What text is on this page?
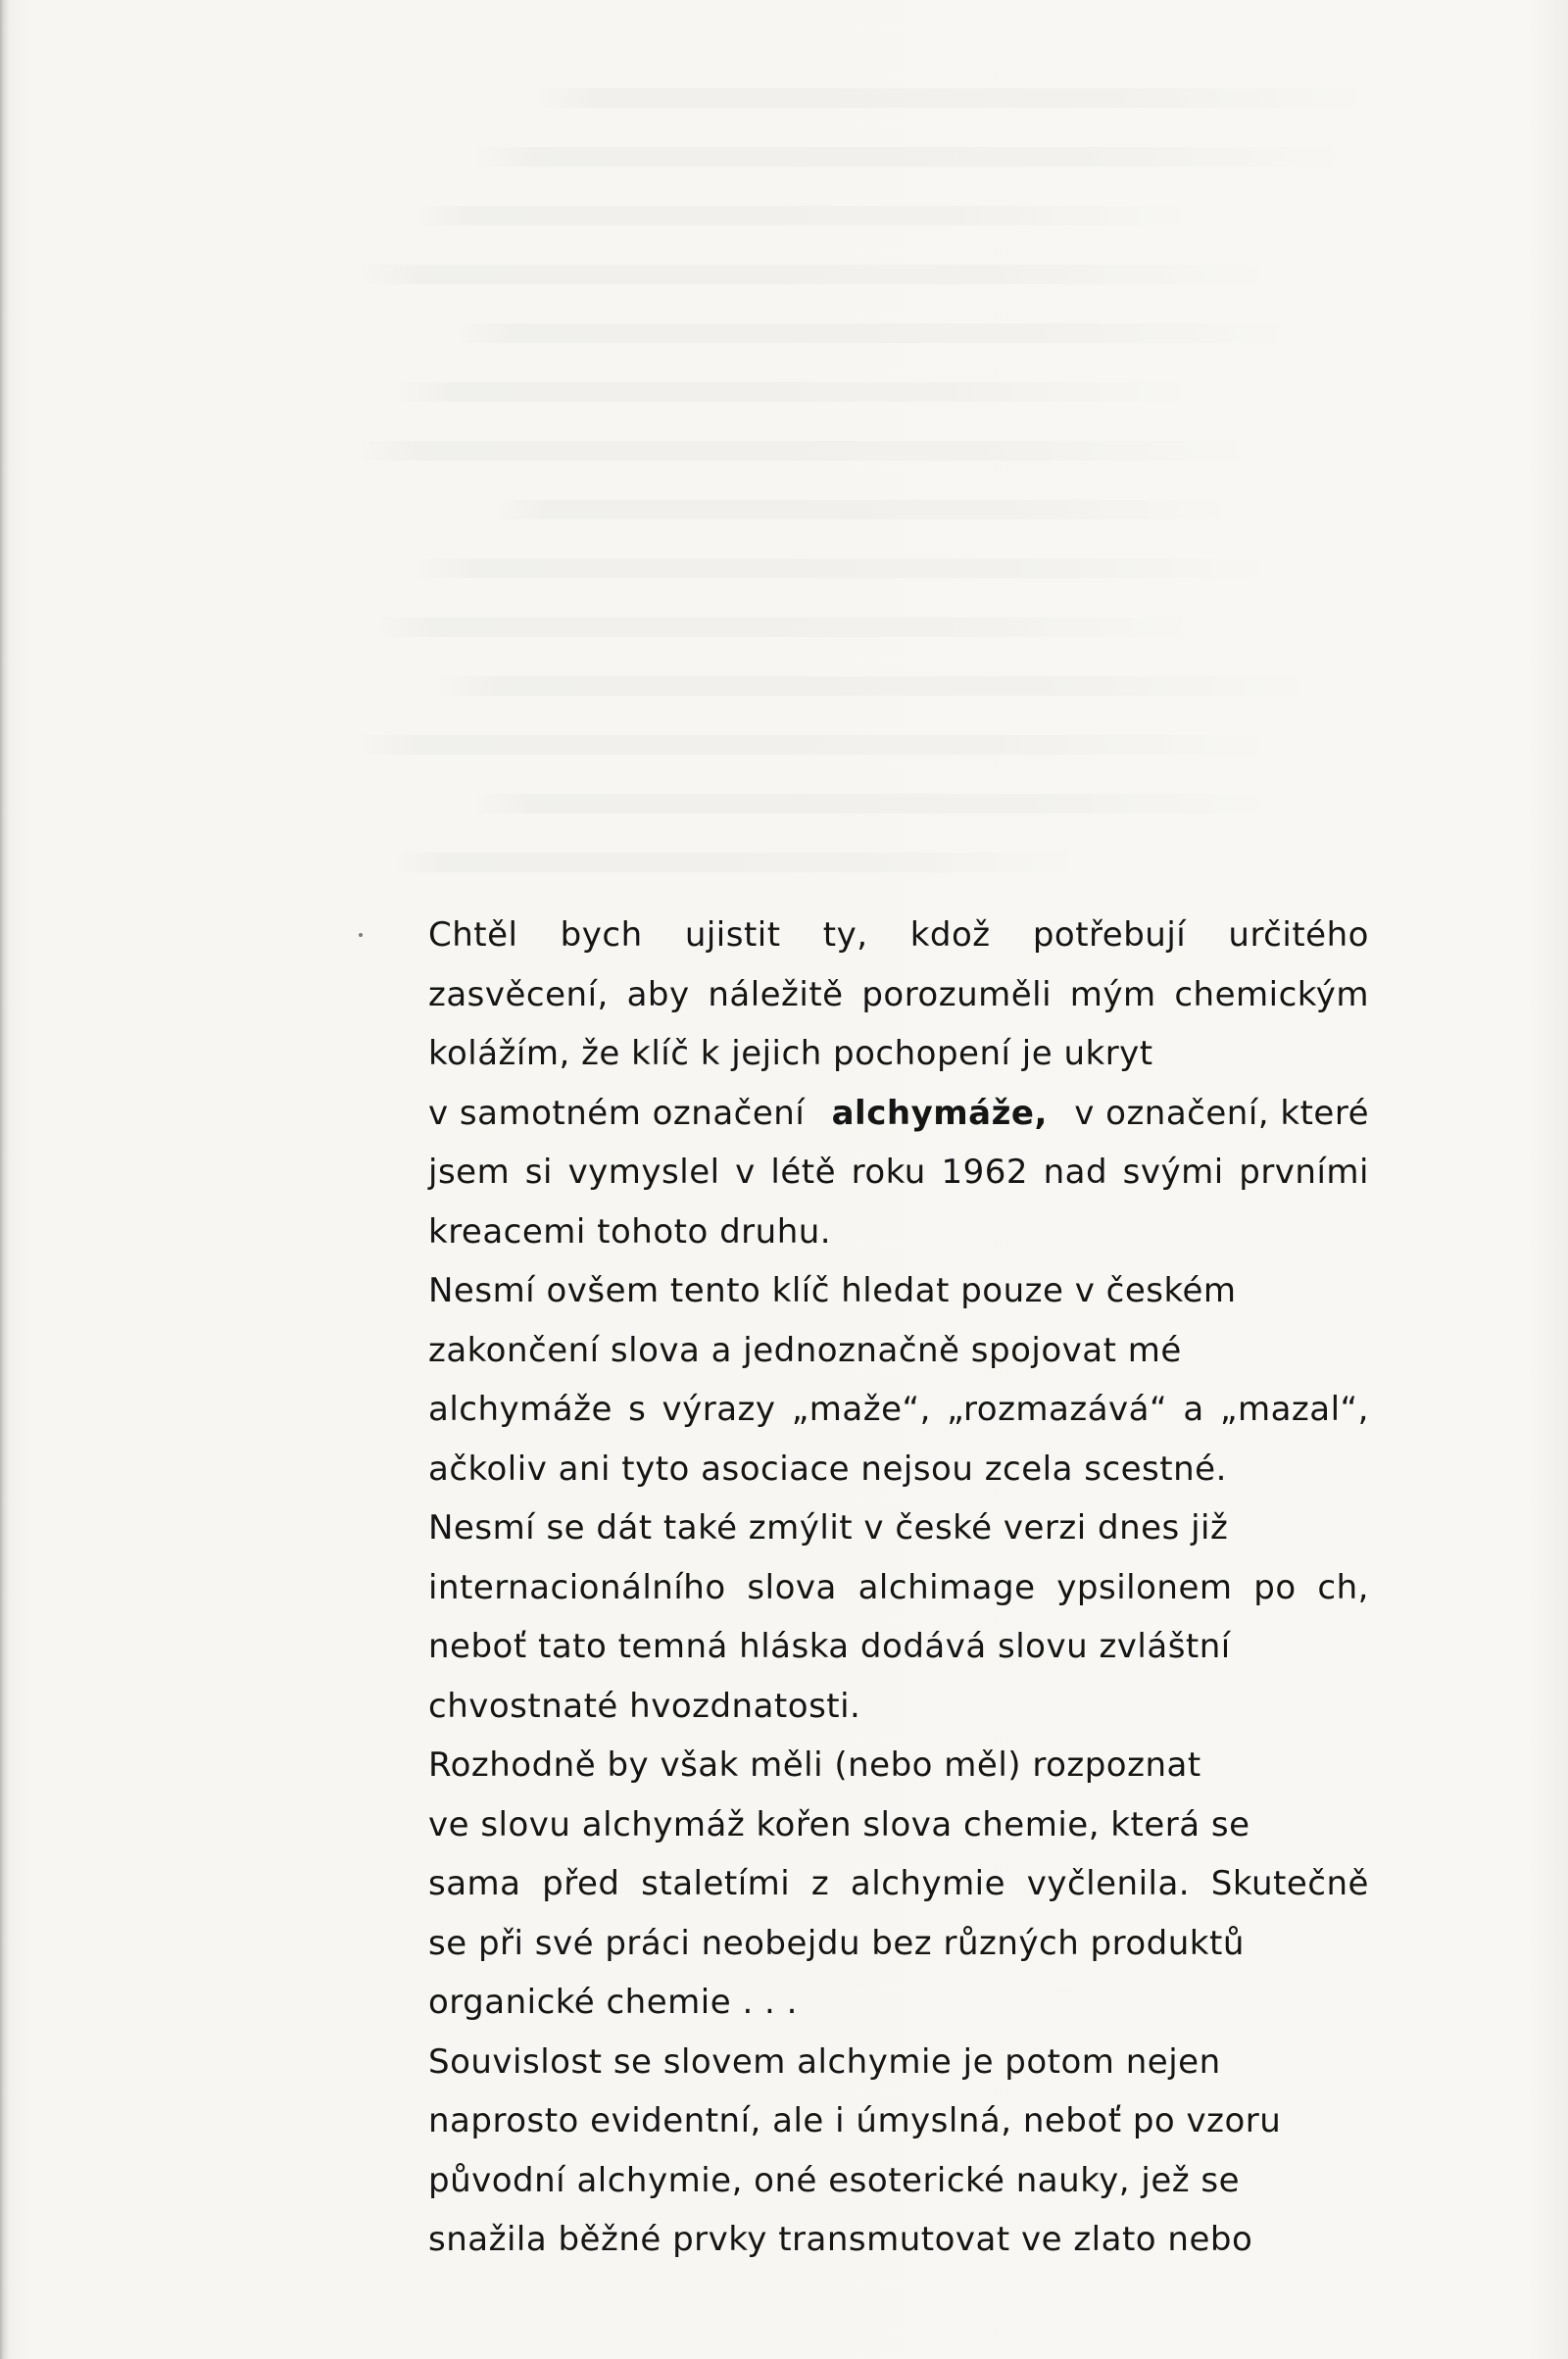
Chtěl bych ujistit ty, kdož potřebují určitého
zasvěcení, aby náležitě porozuměli mým chemickým
kolážím, že klíč k jejich pochopení je ukryt
v samotném označení alchymáže, v označení, které
jsem si vymyslel v létě roku 1962 nad svými prvními
kreacemi tohoto druhu.
Nesmí ovšem tento klíč hledat pouze v českém
zakončení slova a jednoznačně spojovat mé
alchymáže s výrazy „maže“, „rozmazává“ a „mazal“,
ačkoliv ani tyto asociace nejsou zcela scestné.
Nesmí se dát také zmýlit v české verzi dnes již
internacionálního slova alchimage ypsilonem po ch,
neboť tato temná hláska dodává slovu zvláštní
chvostnaté hvozdnatosti.
Rozhodně by však měli (nebo měl) rozpoznat
ve slovu alchymáž kořen slova chemie, která se
sama před staletími z alchymie vyčlenila. Skutečně
se při své práci neobejdu bez různých produktů
organické chemie . . .
Souvislost se slovem alchymie je potom nejen
naprosto evidentní, ale i úmyslná, neboť po vzoru
původní alchymie, oné esoterické nauky, jež se
snažila běžné prvky transmutovat ve zlato nebo
